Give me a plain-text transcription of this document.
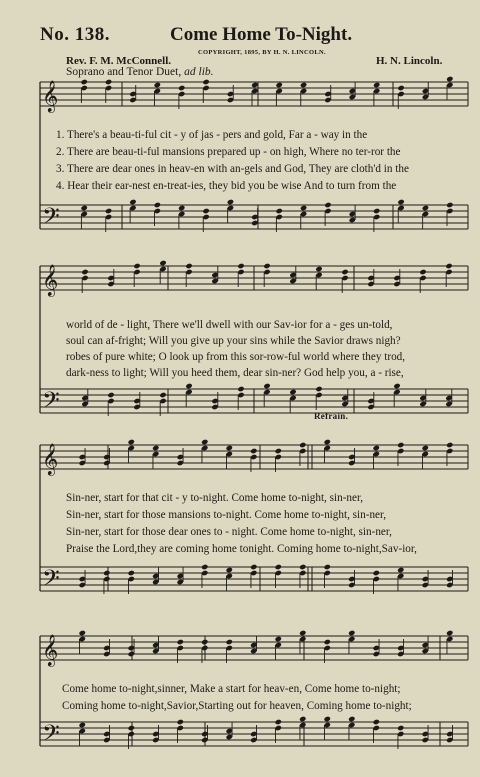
No. 138.	Come Home To-Night.
Rev. F. M. McConnell.
COPYRIGHT, 1895, BY H. N. LINCOLN.
H. N. Lincoln.
Soprano and Tenor Duet, ad lib.
𝄞
𝄢
𝄞
𝄢
𝄞
𝄢
𝄞
𝄢
1. There's a beau-ti-ful cit - y of jas - pers and gold, Far a - way in the
2. There are beau-ti-ful mansions prepared up - on high, Where no ter-ror the
3. There are dear ones in heav-en with an-gels and God, They are cloth'd in the
4. Hear their ear-nest en-treat-ies, they bid you be wise And to turn from the
world of de - light, There we'll dwell with our Sav-ior for a - ges un-told,
soul can af-fright; Will you give up your sins while the Savior draws nigh?
robes of pure white; O look up from this sor-row-ful world where they trod,
dark-ness to light; Will you heed them, dear sin-ner? God help you, a - rise,
Refrain.
Sin-ner, start for that cit - y to-night. Come home to-night, sin-ner,
Sin-ner, start for those mansions to-night. Come home to-night, sin-ner,
Sin-ner, start for those dear ones to - night. Come home to-night, sin-ner,
Praise the Lord,they are coming home tonight. Coming home to-night,Sav-ior,
Come home to-night,sinner, Make a start for heav-en, Come home to-night;
Coming home to-night,Savior,Starting out for heaven, Coming home to-night;
